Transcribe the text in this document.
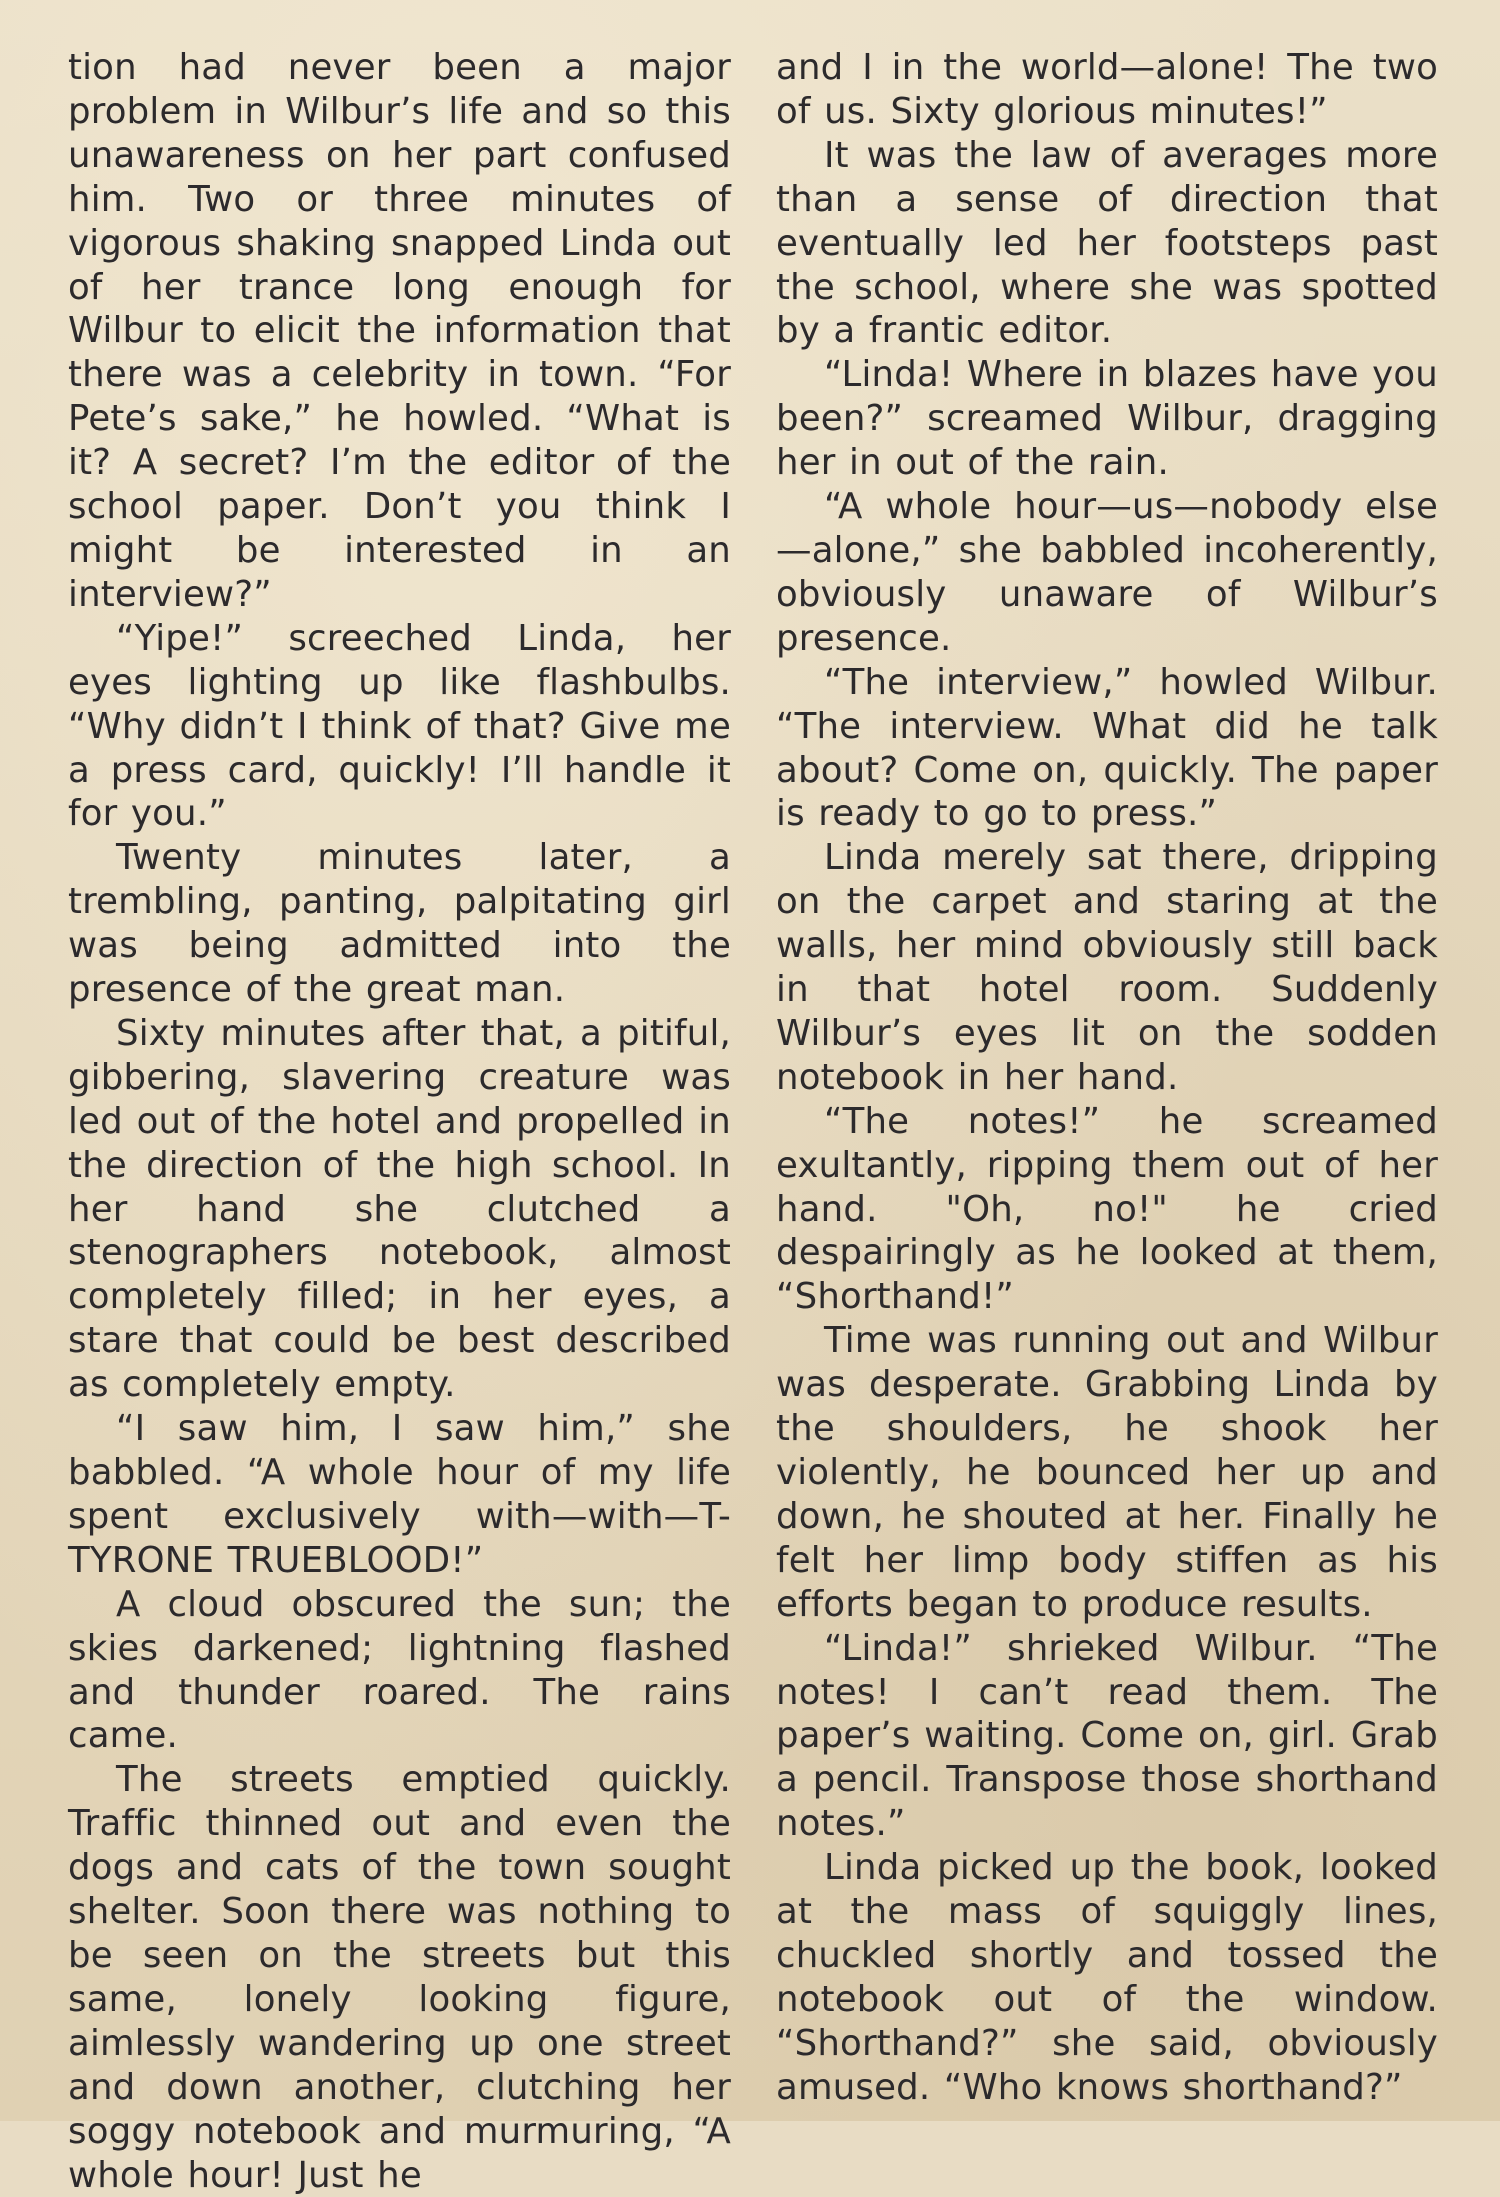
tion had never been a major problem in Wilbur’s life and so this unawareness on her part confused him. Two or three minutes of vigorous shaking snapped Linda out of her trance long enough for Wilbur to elicit the information that there was a celebrity in town. “For Pete’s sake,” he howled. “What is it? A secret? I’m the editor of the school paper. Don’t you think I might be interested in an interview?”

“Yipe!” screeched Linda, her eyes lighting up like flashbulbs. “Why didn’t I think of that? Give me a press card, quickly! I’ll handle it for you.”

Twenty minutes later, a trembling, panting, palpitating girl was being admitted into the presence of the great man.

Sixty minutes after that, a pitiful, gibbering, slavering creature was led out of the hotel and propelled in the direction of the high school. In her hand she clutched a stenographers notebook, almost completely filled; in her eyes, a stare that could be best described as completely empty.

“I saw him, I saw him,” she babbled. “A whole hour of my life spent exclusively with—with—T-TYRONE TRUEBLOOD!”

A cloud obscured the sun; the skies darkened; lightning flashed and thunder roared. The rains came.

The streets emptied quickly. Traffic thinned out and even the dogs and cats of the town sought shelter. Soon there was nothing to be seen on the streets but this same, lonely looking figure, aimlessly wandering up one street and down another, clutching her soggy notebook and murmuring, “A whole hour! Just he

and I in the world—alone! The two of us. Sixty glorious minutes!”

It was the law of averages more than a sense of direction that eventually led her footsteps past the school, where she was spotted by a frantic editor.

“Linda! Where in blazes have you been?” screamed Wilbur, dragging her in out of the rain.

“A whole hour—us—nobody else—alone,” she babbled incoherently, obviously unaware of Wilbur’s presence.

“The interview,” howled Wilbur. “The interview. What did he talk about? Come on, quickly. The paper is ready to go to press.”

Linda merely sat there, dripping on the carpet and staring at the walls, her mind obviously still back in that hotel room. Suddenly Wilbur’s eyes lit on the sodden notebook in her hand.

“The notes!” he screamed exultantly, ripping them out of her hand. "Oh, no!" he cried despairingly as he looked at them, “Shorthand!”

Time was running out and Wilbur was desperate. Grabbing Linda by the shoulders, he shook her violently, he bounced her up and down, he shouted at her. Finally he felt her limp body stiffen as his efforts began to produce results.

“Linda!” shrieked Wilbur. “The notes! I can’t read them. The paper’s waiting. Come on, girl. Grab a pencil. Transpose those shorthand notes.”

Linda picked up the book, looked at the mass of squiggly lines, chuckled shortly and tossed the notebook out of the window. “Shorthand?” she said, obviously amused. “Who knows shorthand?”
